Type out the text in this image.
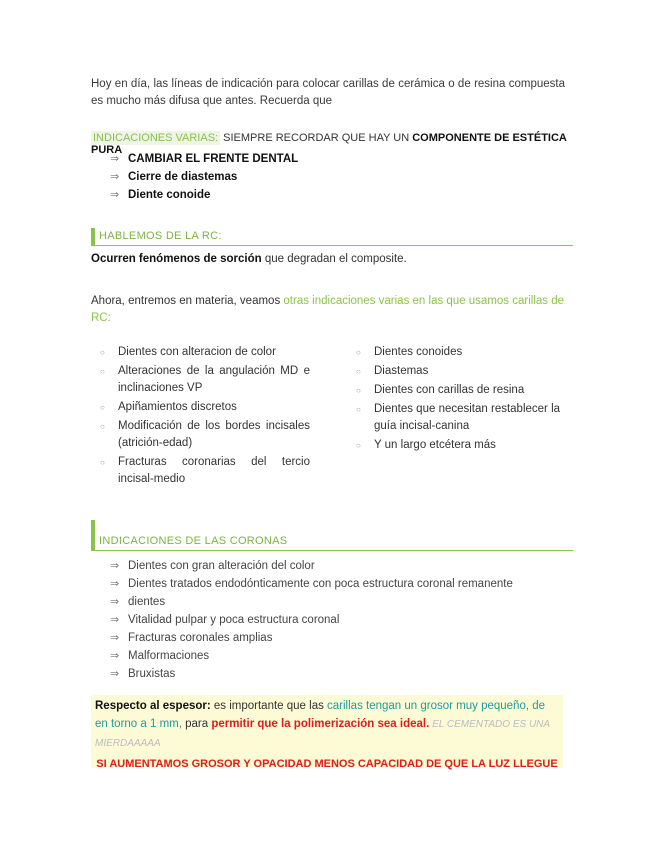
Hoy en día, las líneas de indicación para colocar carillas de cerámica o de resina compuesta es mucho más difusa que antes. Recuerda que

INDICACIONES VARIAS: SIEMPRE RECORDAR QUE HAY UN COMPONENTE DE ESTÉTICA PURA
⇒ CAMBIAR EL FRENTE DENTAL
⇒ Cierre de diastemas
⇒ Diente conoide
HABLEMOS DE LA RC:
Ocurren fenómenos de sorción que degradan el composite.
Ahora, entremos en materia, veamos otras indicaciones varias en las que usamos carillas de RC:
○ Dientes con alteracion de color
○ Alteraciones de la angulación MD e inclinaciones VP
○ Apiñamientos discretos
○ Modificación de los bordes incisales (atrición-edad)
○ Fracturas coronarias del tercio incisal-medio
○ Dientes conoides
○ Diastemas
○ Dientes con carillas de resina
○ Dientes que necesitan restablecer la guía incisal-canina
○ Y un largo etcétera más
INDICACIONES DE LAS CORONAS
⇒ Dientes con gran alteración del color
⇒ Dientes tratados endodónticamente con poca estructura coronal remanente
⇒ dientes
⇒ Vitalidad pulpar y poca estructura coronal
⇒ Fracturas coronales amplias
⇒ Malformaciones
⇒ Bruxistas
Respecto al espesor: es importante que las carillas tengan un grosor muy pequeño, de en torno a 1 mm, para permitir que la polimerización sea ideal. EL CEMENTADO ES UNA MIERDAAAAA
SI AUMENTAMOS GROSOR Y OPACIDAD MENOS CAPACIDAD DE QUE LA LUZ LLEGUE
